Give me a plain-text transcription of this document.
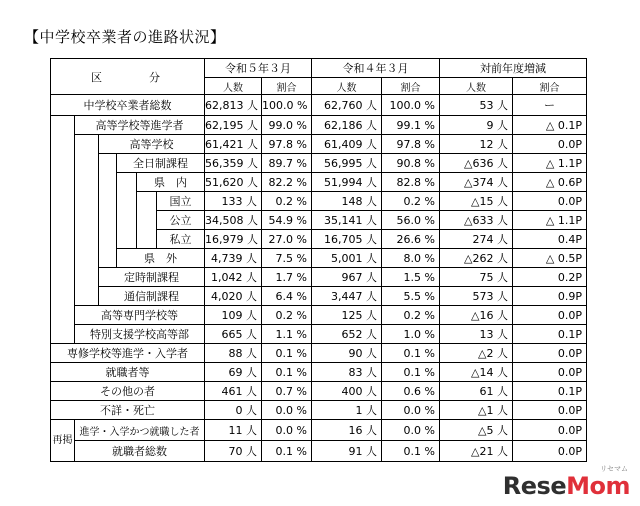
【中学校卒業者の進路状況】
区　分						令和５年３月		令和４年３月		対前年度増減	
						人数	割合	人数	割合	人数	割合
中学校卒業者総数						62,813 人	100.0 %	62,760 人	100.0 %	53 人	ー
	高等学校等進学者					62,195 人	99.0 %	62,186 人	99.1 %	9 人	△ 0.1P
		高等学校				61,421 人	97.8 %	61,409 人	97.8 %	12 人	0.0P
			全日制課程			56,359 人	89.7 %	56,995 人	90.8 %	△636 人	△ 1.1P
				県　内		51,620 人	82.2 %	51,994 人	82.8 %	△374 人	△ 0.6P
					国立	133 人	0.2 %	148 人	0.2 %	△15 人	0.0P
					公立	34,508 人	54.9 %	35,141 人	56.0 %	△633 人	△ 1.1P
					私立	16,979 人	27.0 %	16,705 人	26.6 %	274 人	0.4P
			県　外			4,739 人	7.5 %	5,001 人	8.0 %	△262 人	△ 0.5P
		定時制課程				1,042 人	1.7 %	967 人	1.5 %	75 人	0.2P
		通信制課程				4,020 人	6.4 %	3,447 人	5.5 %	573 人	0.9P
	高等専門学校等					109 人	0.2 %	125 人	0.2 %	△16 人	0.0P
	特別支援学校高等部					665 人	1.1 %	652 人	1.0 %	13 人	0.1P
専修学校等進学・入学者						88 人	0.1 %	90 人	0.1 %	△2 人	0.0P
就職者等						69 人	0.1 %	83 人	0.1 %	△14 人	0.0P
その他の者						461 人	0.7 %	400 人	0.6 %	61 人	0.1P
不詳・死亡						0 人	0.0 %	1 人	0.0 %	△1 人	0.0P
再掲	進学・入学かつ就職した者					11 人	0.0 %	16 人	0.0 %	△5 人	0.0P
	就職者総数					70 人	0.1 %	91 人	0.1 %	△21 人	0.0P
リセマム
ReseMom
